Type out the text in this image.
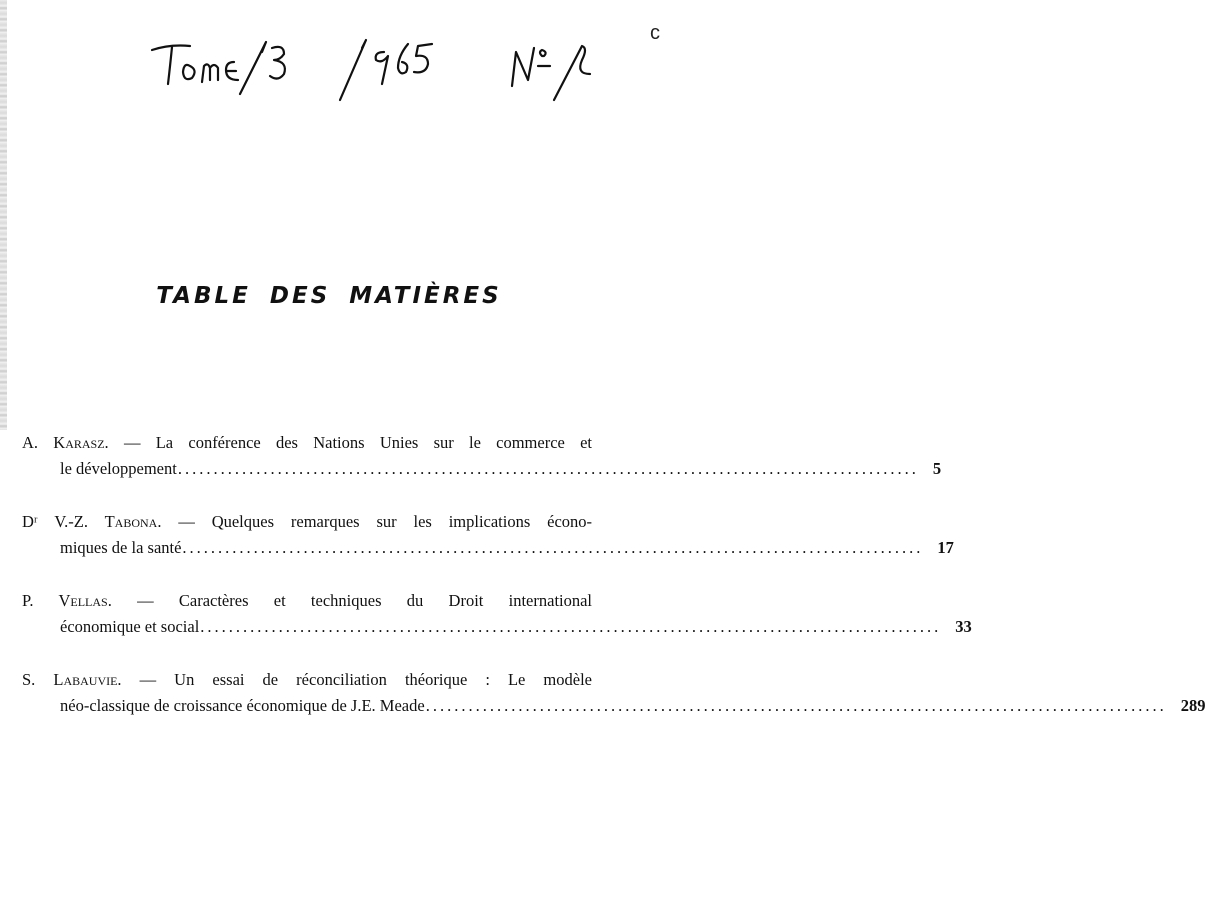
c
TABLE DES MATIÈRES
A. Karasz. — La conférence des Nations Unies sur le commerce et
le développement ........................................................................................................ 5
Dʳ V.-Z. Tabona. — Quelques remarques sur les implications écono-
miques de la santé ........................................................................................................ 17
P. Vellas. — Caractères et techniques du Droit international
économique et social ........................................................................................................ 33
S. Labauvie. — Un essai de réconciliation théorique : Le modèle
néo-classique de croissance économique de J.E. Meade ........................................................................................................ 289
